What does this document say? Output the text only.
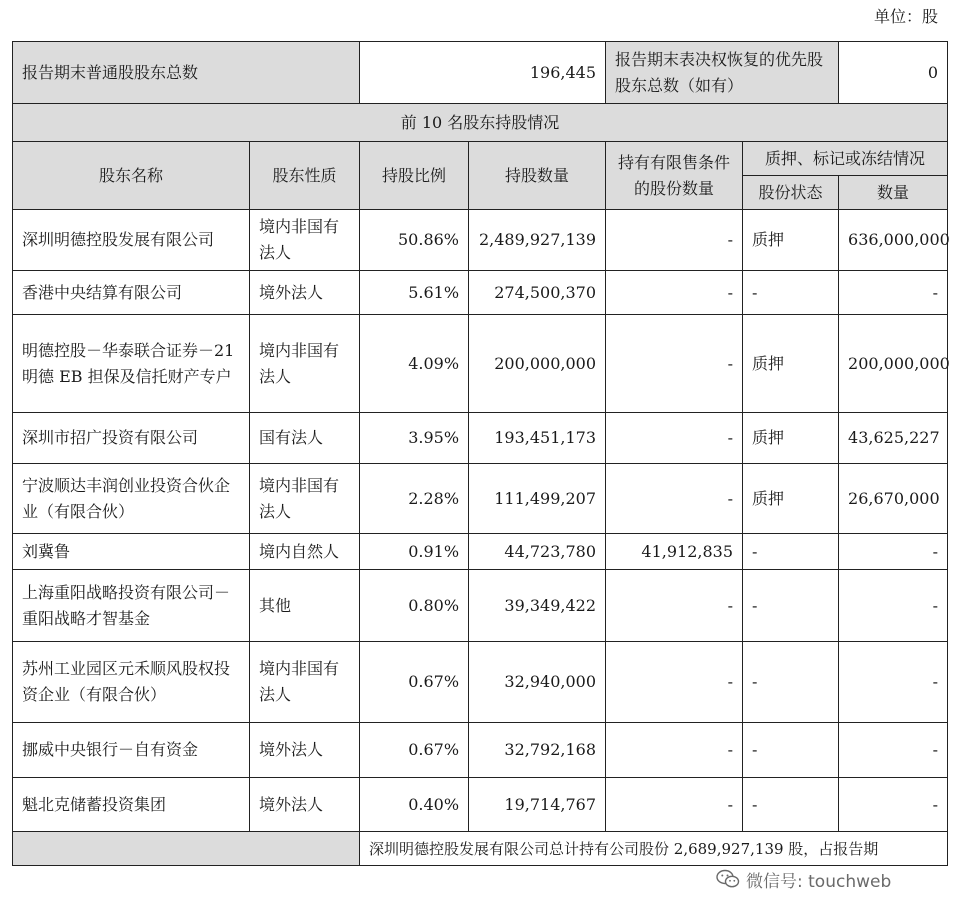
单位：股
报告期末普通股股东总数		196,445		报告期末表决权恢复的优先股股东总数（如有）		0
前 10 名股东持股情况						
股东名称	股东性质	持股比例	持股数量	持有有限售条件的股份数量	质押、标记或冻结情况	
					股份状态	数量
深圳明德控股发展有限公司	境内非国有法人	50.86%	2,489,927,139	-	质押	636,000,000
香港中央结算有限公司	境外法人	5.61%	274,500,370	-	-	-
明德控股－华泰联合证券－21 明德 EB 担保及信托财产专户	境内非国有法人	4.09%	200,000,000	-	质押	200,000,000
深圳市招广投资有限公司	国有法人	3.95%	193,451,173	-	质押	43,625,227
宁波顺达丰润创业投资合伙企业（有限合伙）	境内非国有法人	2.28%	111,499,207	-	质押	26,670,000
刘冀鲁	境内自然人	0.91%	44,723,780	41,912,835	-	-
上海重阳战略投资有限公司－重阳战略才智基金	其他	0.80%	39,349,422	-	-	-
苏州工业园区元禾顺风股权投资企业（有限合伙）	境内非国有法人	0.67%	32,940,000	-	-	-
挪威中央银行－自有资金	境外法人	0.67%	32,792,168	-	-	-
魁北克储蓄投资集团	境外法人	0.40%	19,714,767	-	-	-
		深圳明德控股发展有限公司总计持有公司股份 2,689,927,139 股，占报告期				
微信号: touchweb
